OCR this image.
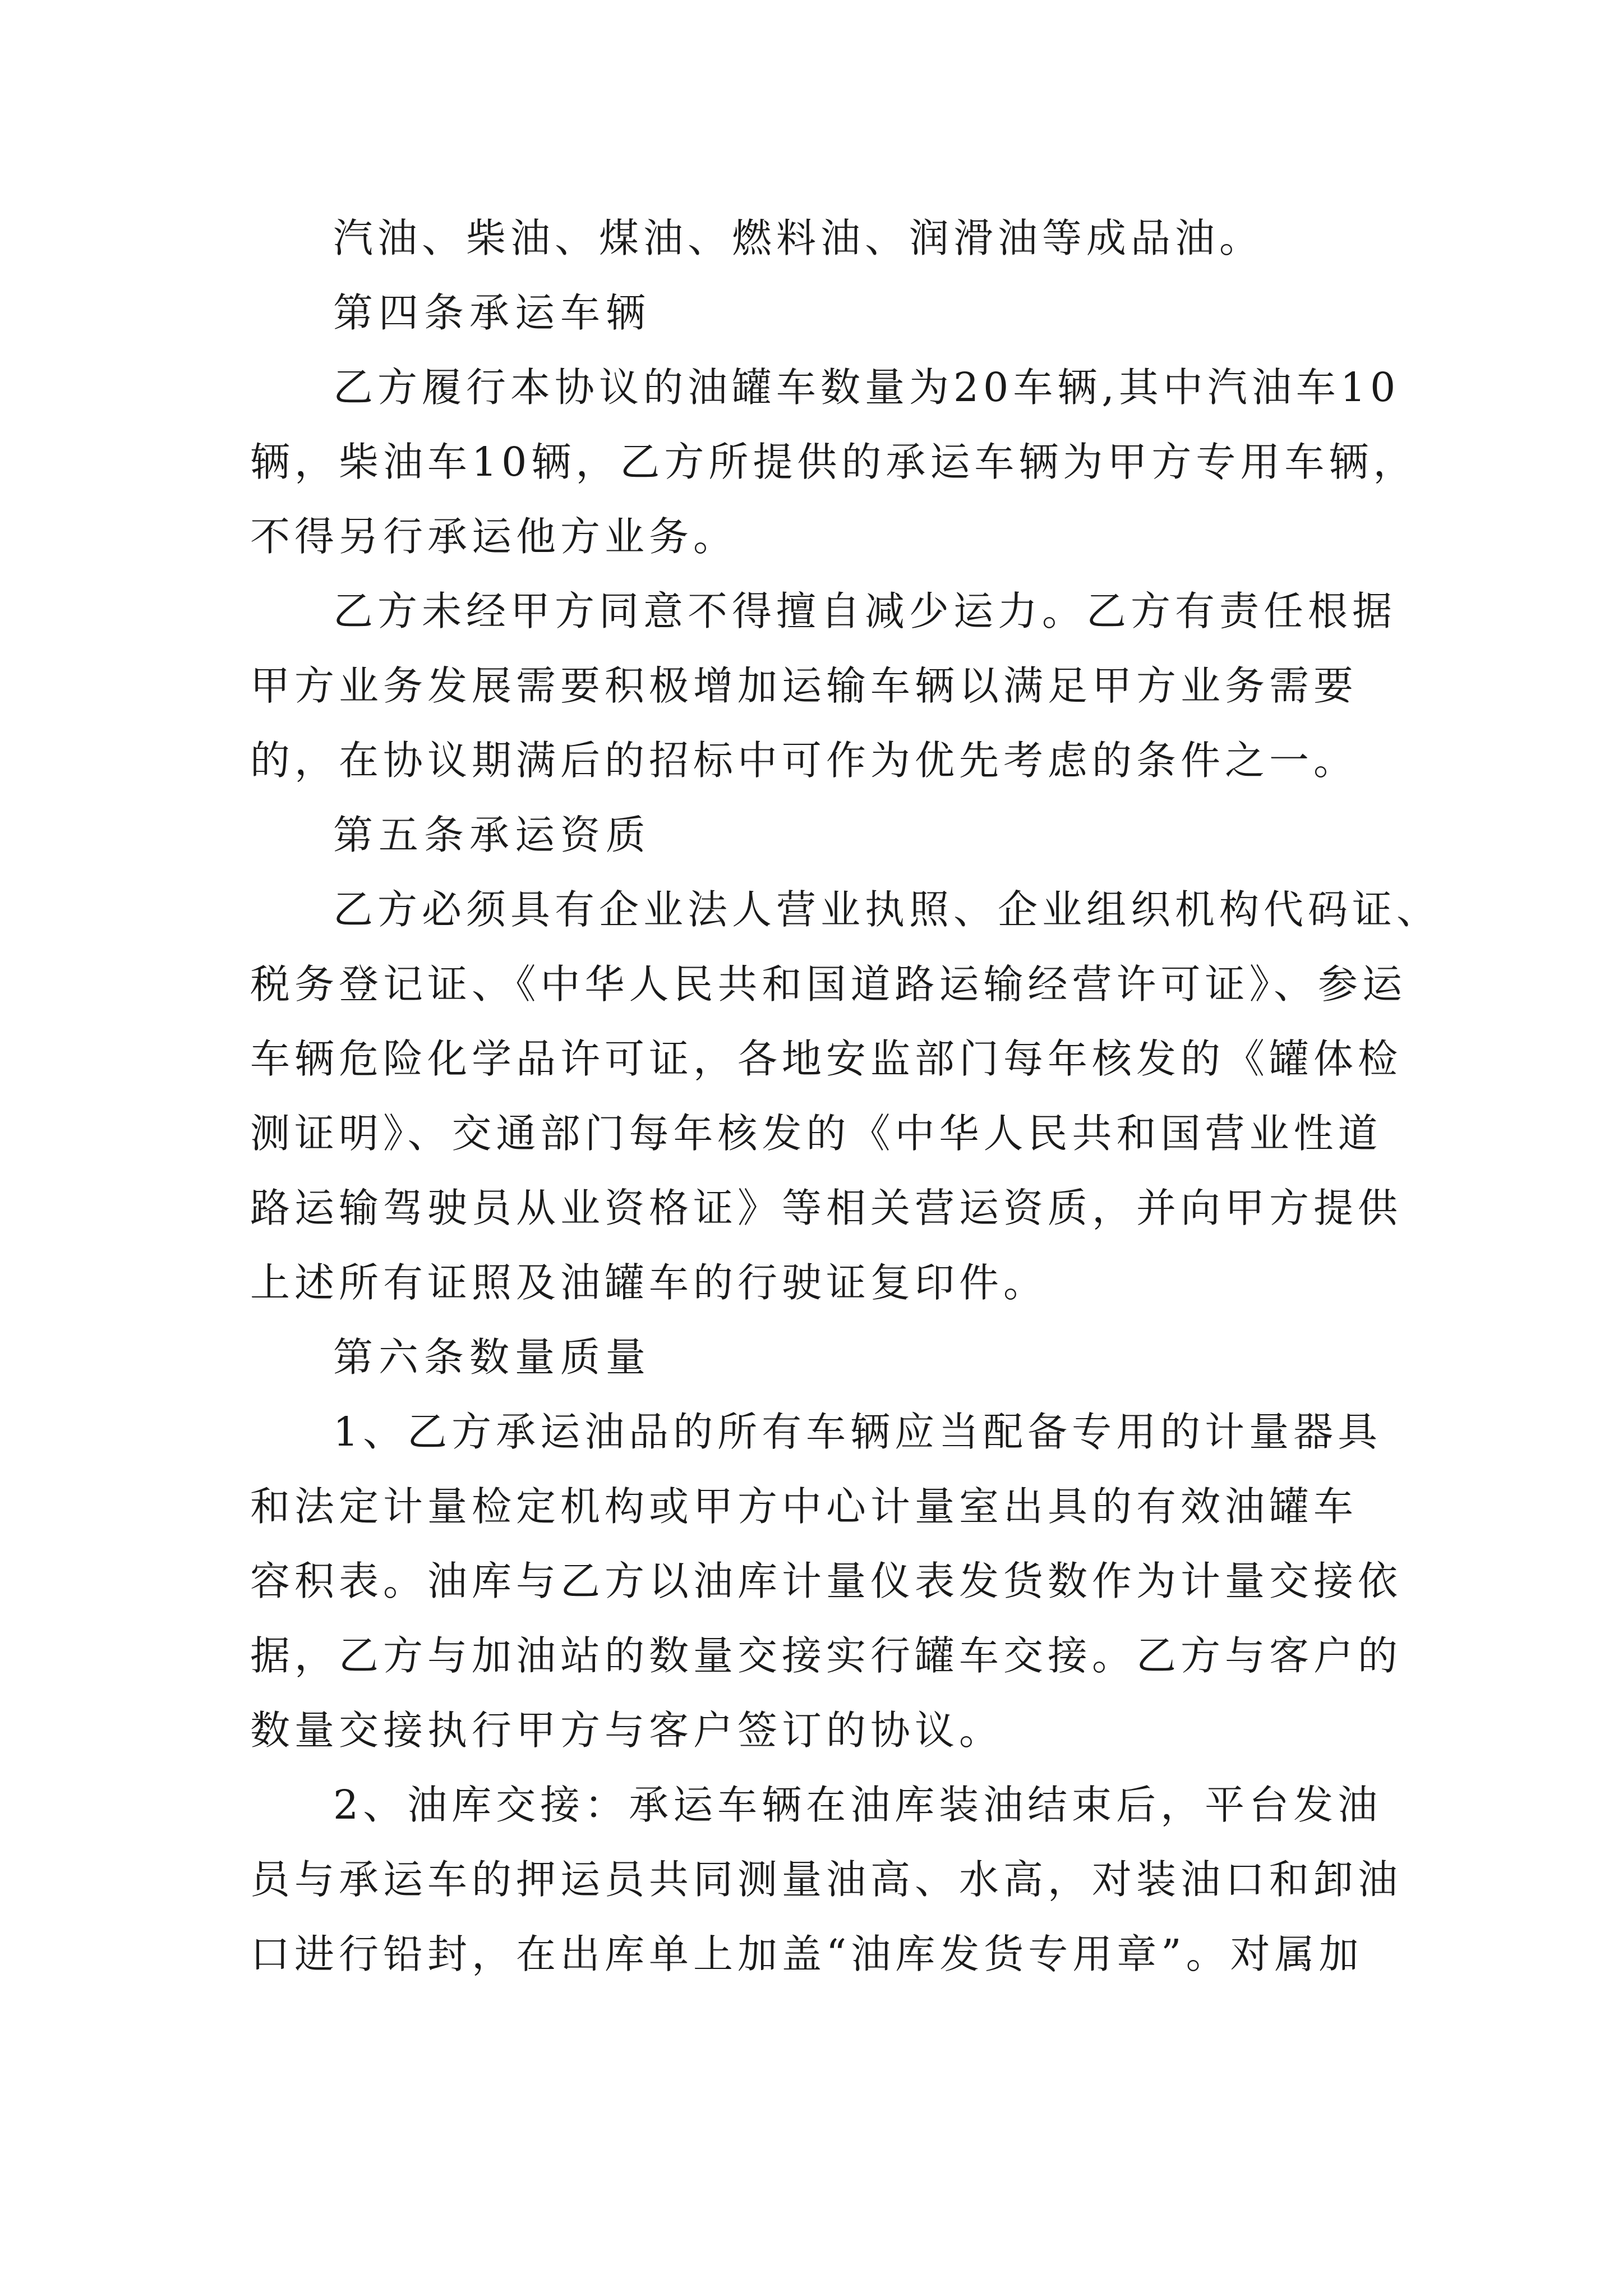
汽油、柴油、煤油、燃料油、润滑油等成品油。
第四条承运车辆
乙方履行本协议的油罐车数量为20车辆,其中汽油车10
辆，柴油车10辆，乙方所提供的承运车辆为甲方专用车辆，
不得另行承运他方业务。
乙方未经甲方同意不得擅自减少运力。乙方有责任根据
甲方业务发展需要积极增加运输车辆以满足甲方业务需要
的，在协议期满后的招标中可作为优先考虑的条件之一。
第五条承运资质
乙方必须具有企业法人营业执照、企业组织机构代码证、
税务登记证、《中华人民共和国道路运输经营许可证》、参运
车辆危险化学品许可证，各地安监部门每年核发的《罐体检
测证明》、交通部门每年核发的《中华人民共和国营业性道
路运输驾驶员从业资格证》等相关营运资质，并向甲方提供
上述所有证照及油罐车的行驶证复印件。
第六条数量质量
1、乙方承运油品的所有车辆应当配备专用的计量器具
和法定计量检定机构或甲方中心计量室出具的有效油罐车
容积表。油库与乙方以油库计量仪表发货数作为计量交接依
据，乙方与加油站的数量交接实行罐车交接。乙方与客户的
数量交接执行甲方与客户签订的协议。
2、油库交接：承运车辆在油库装油结束后，平台发油
员与承运车的押运员共同测量油高、水高，对装油口和卸油
口进行铅封，在出库单上加盖“油库发货专用章”。对属加
